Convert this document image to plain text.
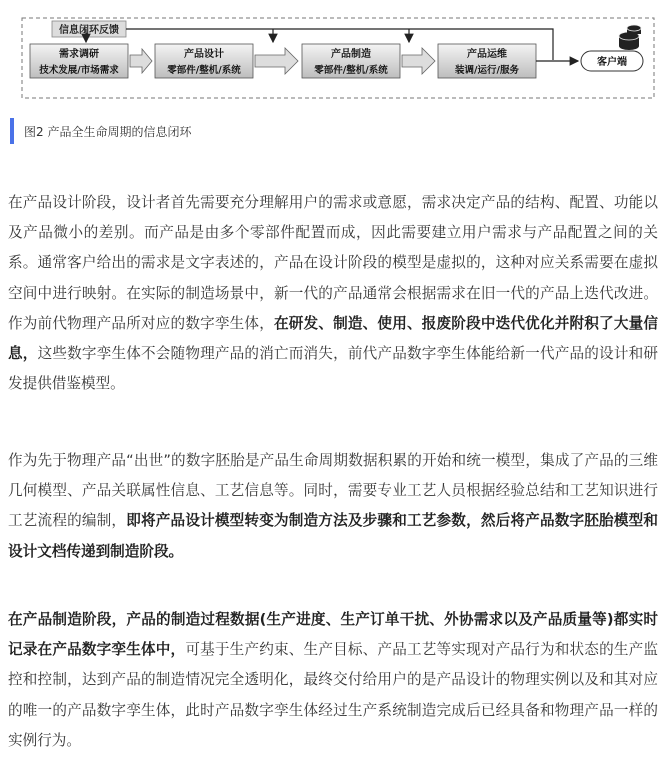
信息闭环反馈
需求调研
技术发展/市场需求
产品设计
零部件/整机/系统
产品制造
零部件/整机/系统
产品运维
装调/运行/服务
客户端
图2 产品全生命周期的信息闭环

在产品设计阶段，设计者首先需要充分理解用户的需求或意愿，需求决定产品的结构、配置、功能以及产品微小的差别。而产品是由多个零部件配置而成，因此需要建立用户需求与产品配置之间的关系。通常客户给出的需求是文字表述的，产品在设计阶段的模型是虚拟的，这种对应关系需要在虚拟空间中进行映射。在实际的制造场景中，新一代的产品通常会根据需求在旧一代的产品上迭代改进。作为前代物理产品所对应的数字孪生体，在研发、制造、使用、报废阶段中迭代优化并附积了大量信息，这些数字孪生体不会随物理产品的消亡而消失，前代产品数字孪生体能给新一代产品的设计和研发提供借鉴模型。

作为先于物理产品“出世”的数字胚胎是产品生命周期数据积累的开始和统一模型，集成了产品的三维几何模型、产品关联属性信息、工艺信息等。同时，需要专业工艺人员根据经验总结和工艺知识进行工艺流程的编制，即将产品设计模型转变为制造方法及步骤和工艺参数，然后将产品数字胚胎模型和设计文档传递到制造阶段。

在产品制造阶段，产品的制造过程数据(生产进度、生产订单干扰、外协需求以及产品质量等)都实时记录在产品数字孪生体中，可基于生产约束、生产目标、产品工艺等实现对产品行为和状态的生产监控和控制，达到产品的制造情况完全透明化，最终交付给用户的是产品设计的物理实例以及和其对应的唯一的产品数字孪生体，此时产品数字孪生体经过生产系统制造完成后已经具备和物理产品一样的实例行为。
